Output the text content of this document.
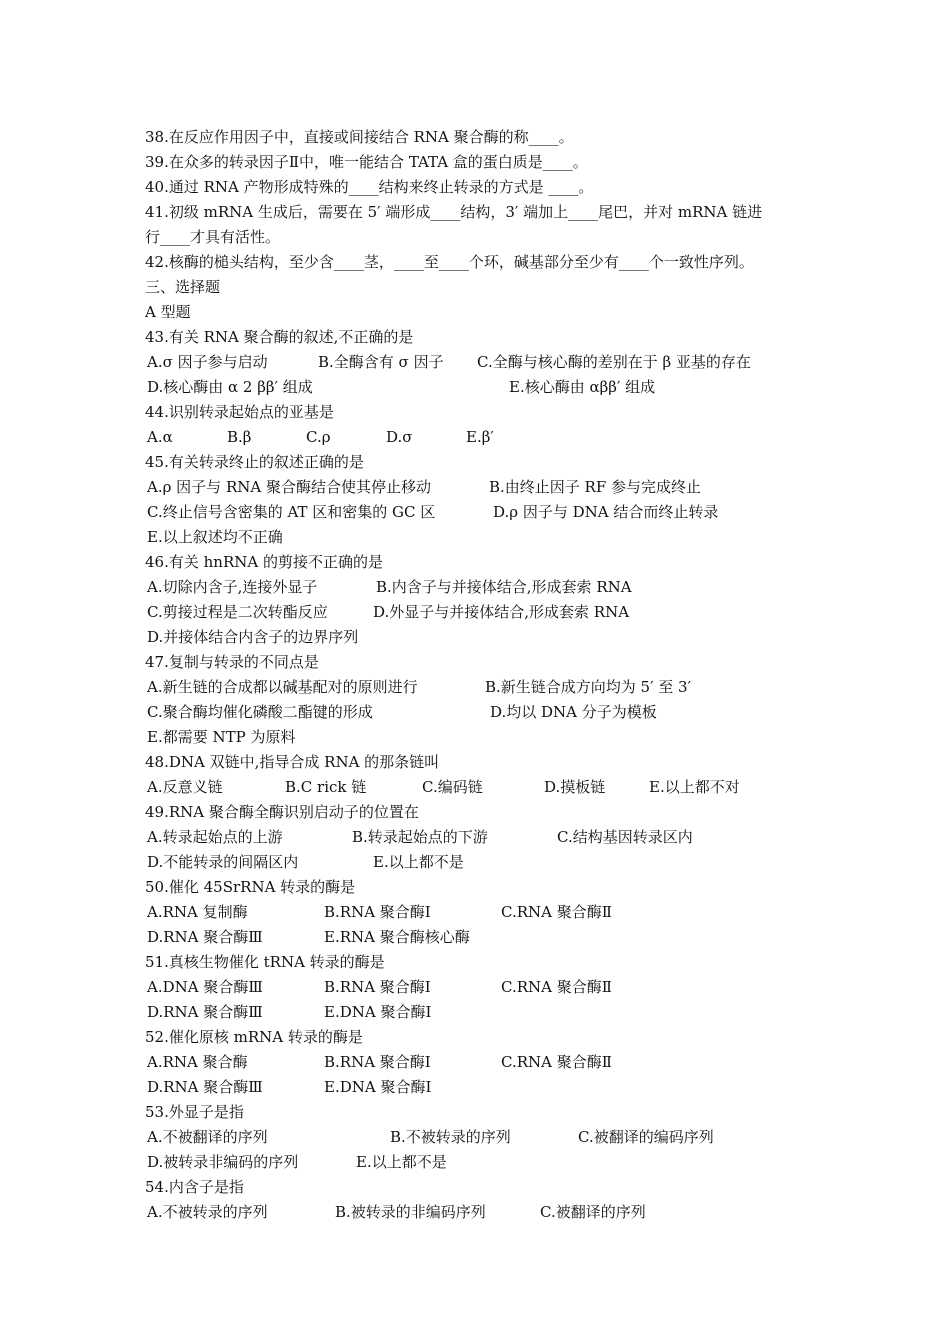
38.在反应作用因子中，直接或间接结合 RNA 聚合酶的称____。
39.在众多的转录因子Ⅱ中，唯一能结合 TATA 盒的蛋白质是____。
40.通过 RNA 产物形成特殊的____结构来终止转录的方式是 ____。
41.初级 mRNA 生成后，需要在 5′ 端形成____结构，3′ 端加上____尾巴，并对 mRNA 链进
行____才具有活性。
42.核酶的槌头结构，至少含____茎，____至____个环，碱基部分至少有____个一致性序列。
三、选择题
A 型题
43.有关 RNA 聚合酶的叙述,不正确的是
A.σ 因子参与启动	B.全酶含有 σ 因子 C.全酶与核心酶的差别在于 β 亚基的存在
D.核心酶由 α 2 ββ′ 组成	E.核心酶由 αββ′ 组成
44.识别转录起始点的亚基是
A.α	B.β	C.ρ	D.σ	E.β′
45.有关转录终止的叙述正确的是
A.ρ 因子与 RNA 聚合酶结合使其停止移动	B.由终止因子 RF 参与完成终止
C.终止信号含密集的 AT 区和密集的 GC 区	D.ρ 因子与 DNA 结合而终止转录
E.以上叙述均不正确
46.有关 hnRNA 的剪接不正确的是
A.切除内含子,连接外显子	B.内含子与并接体结合,形成套索 RNA
C.剪接过程是二次转酯反应	D.外显子与并接体结合,形成套索 RNA
D.并接体结合内含子的边界序列
47.复制与转录的不同点是
A.新生链的合成都以碱基配对的原则进行	B.新生链合成方向均为 5′ 至 3′
C.聚合酶均催化磷酸二酯键的形成	D.均以 DNA 分子为模板
E.都需要 NTP 为原料
48.DNA 双链中,指导合成 RNA 的那条链叫
A.反意义链	B.C rick 链	C.编码链	D.摸板链	E.以上都不对
49.RNA 聚合酶全酶识别启动子的位置在
A.转录起始点的上游	B.转录起始点的下游	C.结构基因转录区内
D.不能转录的间隔区内	E.以上都不是
50.催化 45SrRNA 转录的酶是
A.RNA 复制酶	B.RNA 聚合酶Ⅰ	C.RNA 聚合酶Ⅱ
D.RNA 聚合酶Ⅲ	E.RNA 聚合酶核心酶
51.真核生物催化 tRNA 转录的酶是
A.DNA 聚合酶Ⅲ	B.RNA 聚合酶Ⅰ	C.RNA 聚合酶Ⅱ
D.RNA 聚合酶Ⅲ	E.DNA 聚合酶Ⅰ
52.催化原核 mRNA 转录的酶是
A.RNA 聚合酶	B.RNA 聚合酶Ⅰ	C.RNA 聚合酶Ⅱ
D.RNA 聚合酶Ⅲ	E.DNA 聚合酶Ⅰ
53.外显子是指
A.不被翻译的序列	B.不被转录的序列	C.被翻译的编码序列
D.被转录非编码的序列	E.以上都不是
54.内含子是指
A.不被转录的序列	B.被转录的非编码序列	C.被翻译的序列
